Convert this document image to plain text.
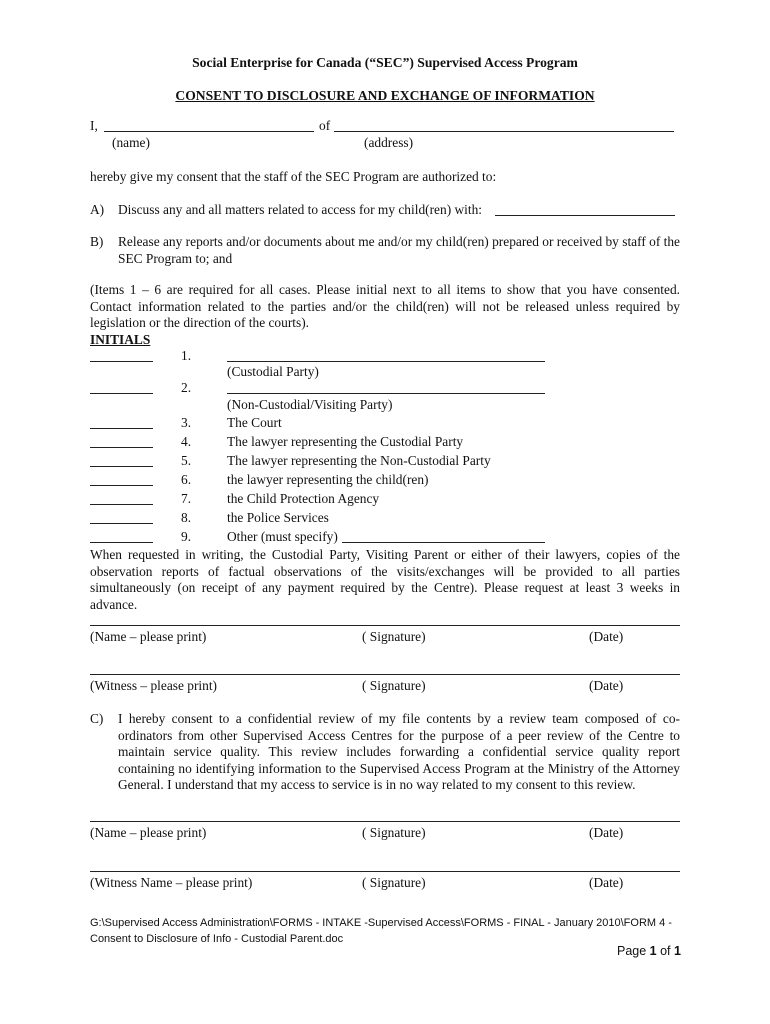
Social Enterprise for Canada (“SEC”) Supervised Access Program
CONSENT TO DISCLOSURE AND EXCHANGE OF INFORMATION
I,	of
(name)	(address)
hereby give my consent that the staff of the SEC Program are authorized to:
A) Discuss any and all matters related to access for my child(ren) with:
B) Release any reports and/or documents about me and/or my child(ren) prepared or received by staff of the SEC Program to; and
(Items 1 – 6 are required for all cases. Please initial next to all items to show that you have consented. Contact information related to the parties and/or the child(ren) will not be released unless required by legislation or the direction of the courts).
INITIALS
1.
(Custodial Party)
2.
(Non-Custodial/Visiting Party)
3.	The Court
4.	The lawyer representing the Custodial Party
5.	The lawyer representing the Non-Custodial Party
6.	the lawyer representing the child(ren)
7.	the Child Protection Agency
8.	the Police Services
9.	Other (must specify)
When requested in writing, the Custodial Party, Visiting Parent or either of their lawyers, copies of the observation reports of factual observations of the visits/exchanges will be provided to all parties simultaneously (on receipt of any payment required by the Centre). Please request at least 3 weeks in advance.
(Name – please print)	( Signature)	(Date)
(Witness – please print)	( Signature)	(Date)
C) I hereby consent to a confidential review of my file contents by a review team composed of co-ordinators from other Supervised Access Centres for the purpose of a peer review of the Centre to maintain service quality. This review includes forwarding a confidential service quality report containing no identifying information to the Supervised Access Program at the Ministry of the Attorney General. I understand that my access to service is in no way related to my consent to this review.
(Name – please print)	( Signature)	(Date)
(Witness Name – please print)	( Signature)	(Date)
G:\Supervised Access Administration\FORMS - INTAKE -Supervised Access\FORMS - FINAL - January 2010\FORM 4 - Consent to Disclosure of Info - Custodial Parent.doc
Page 1 of 1
